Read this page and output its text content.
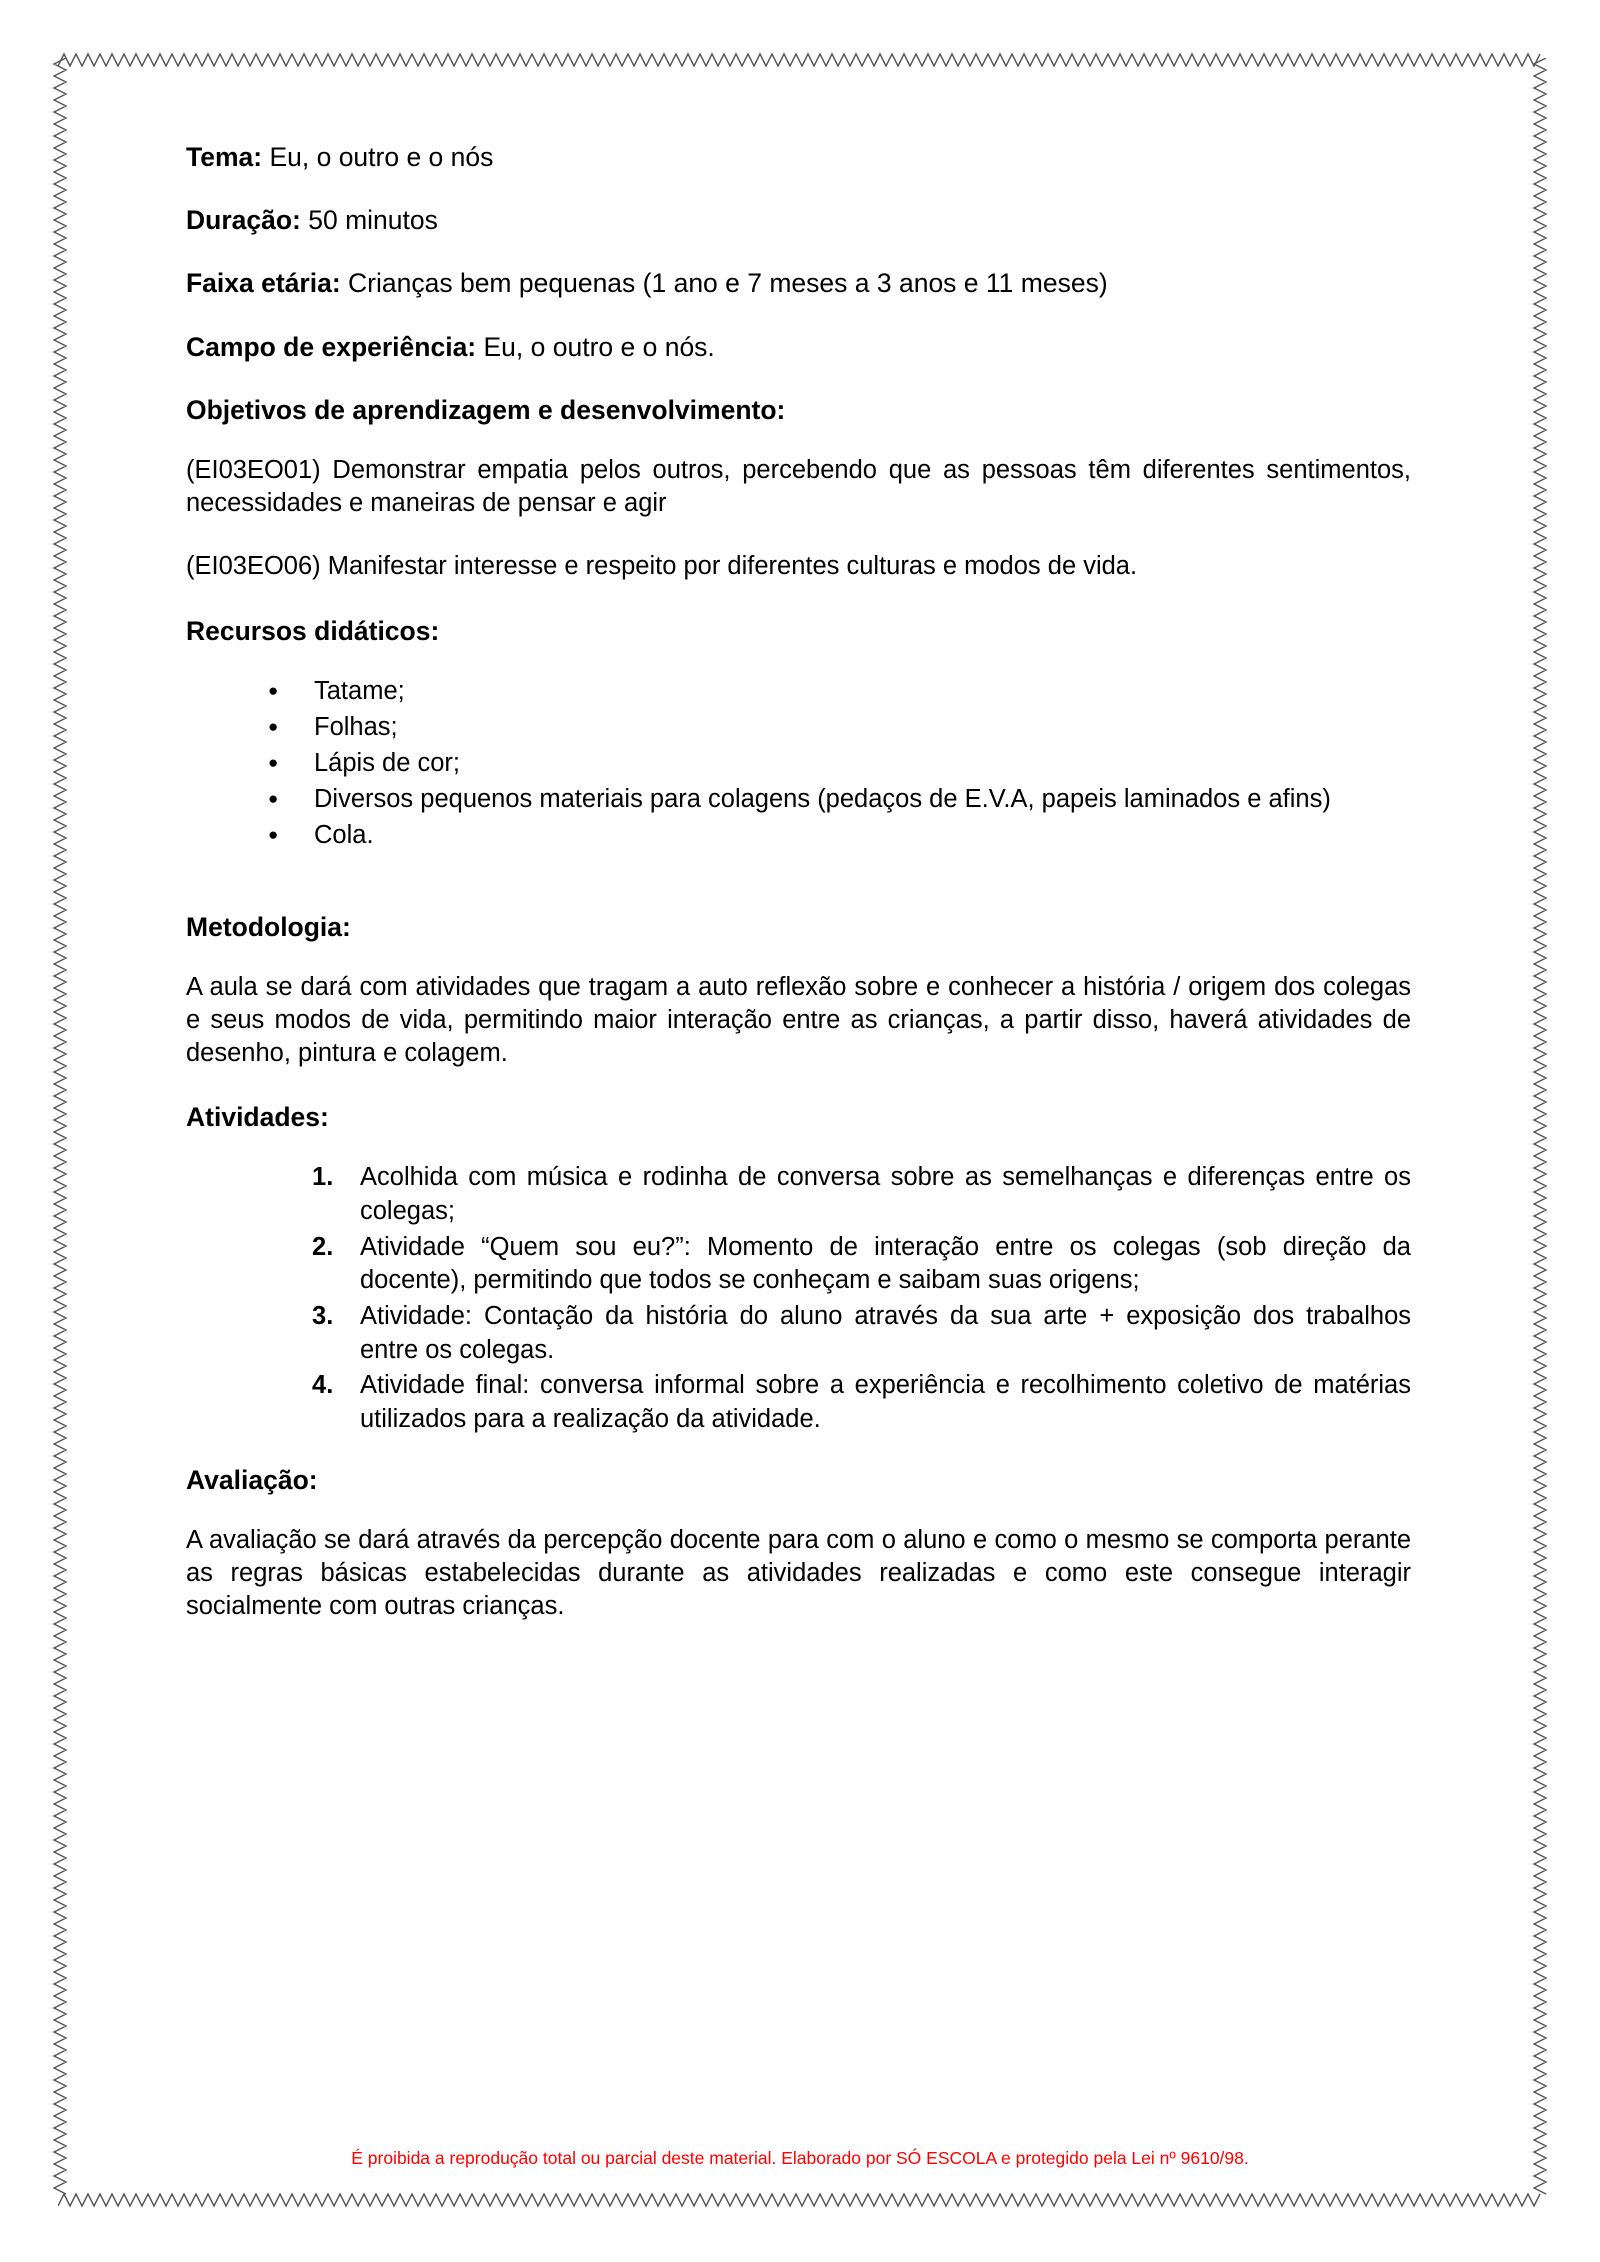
Tema: Eu, o outro e o nós

Duração: 50 minutos

Faixa etária: Crianças bem pequenas (1 ano e 7 meses a 3 anos e 11 meses)

Campo de experiência: Eu, o outro e o nós.

Objetivos de aprendizagem e desenvolvimento:

(EI03EO01) Demonstrar empatia pelos outros, percebendo que as pessoas têm diferentes sentimentos, necessidades e maneiras de pensar e agir

(EI03EO06) Manifestar interesse e respeito por diferentes culturas e modos de vida.

Recursos didáticos:

● Tatame;
● Folhas;
● Lápis de cor;
● Diversos pequenos materiais para colagens (pedaços de E.V.A, papeis laminados e afins)
● Cola.

Metodologia:

A aula se dará com atividades que tragam a auto reflexão sobre e conhecer a história / origem dos colegas e seus modos de vida, permitindo maior interação entre as crianças, a partir disso, haverá atividades de desenho, pintura e colagem.

Atividades:

Acolhida com música e rodinha de conversa sobre as semelhanças e diferenças entre os colegas;
Atividade “Quem sou eu?”: Momento de interação entre os colegas (sob direção da docente), permitindo que todos se conheçam e saibam suas origens;
Atividade: Contação da história do aluno através da sua arte + exposição dos trabalhos entre os colegas.
Atividade final: conversa informal sobre a experiência e recolhimento coletivo de matérias utilizados para a realização da atividade.

Avaliação:

A avaliação se dará através da percepção docente para com o aluno e como o mesmo se comporta perante as regras básicas estabelecidas durante as atividades realizadas e como este consegue interagir socialmente com outras crianças.

É proibida a reprodução total ou parcial deste material. Elaborado por SÓ ESCOLA e protegido pela Lei nº 9610/98.
